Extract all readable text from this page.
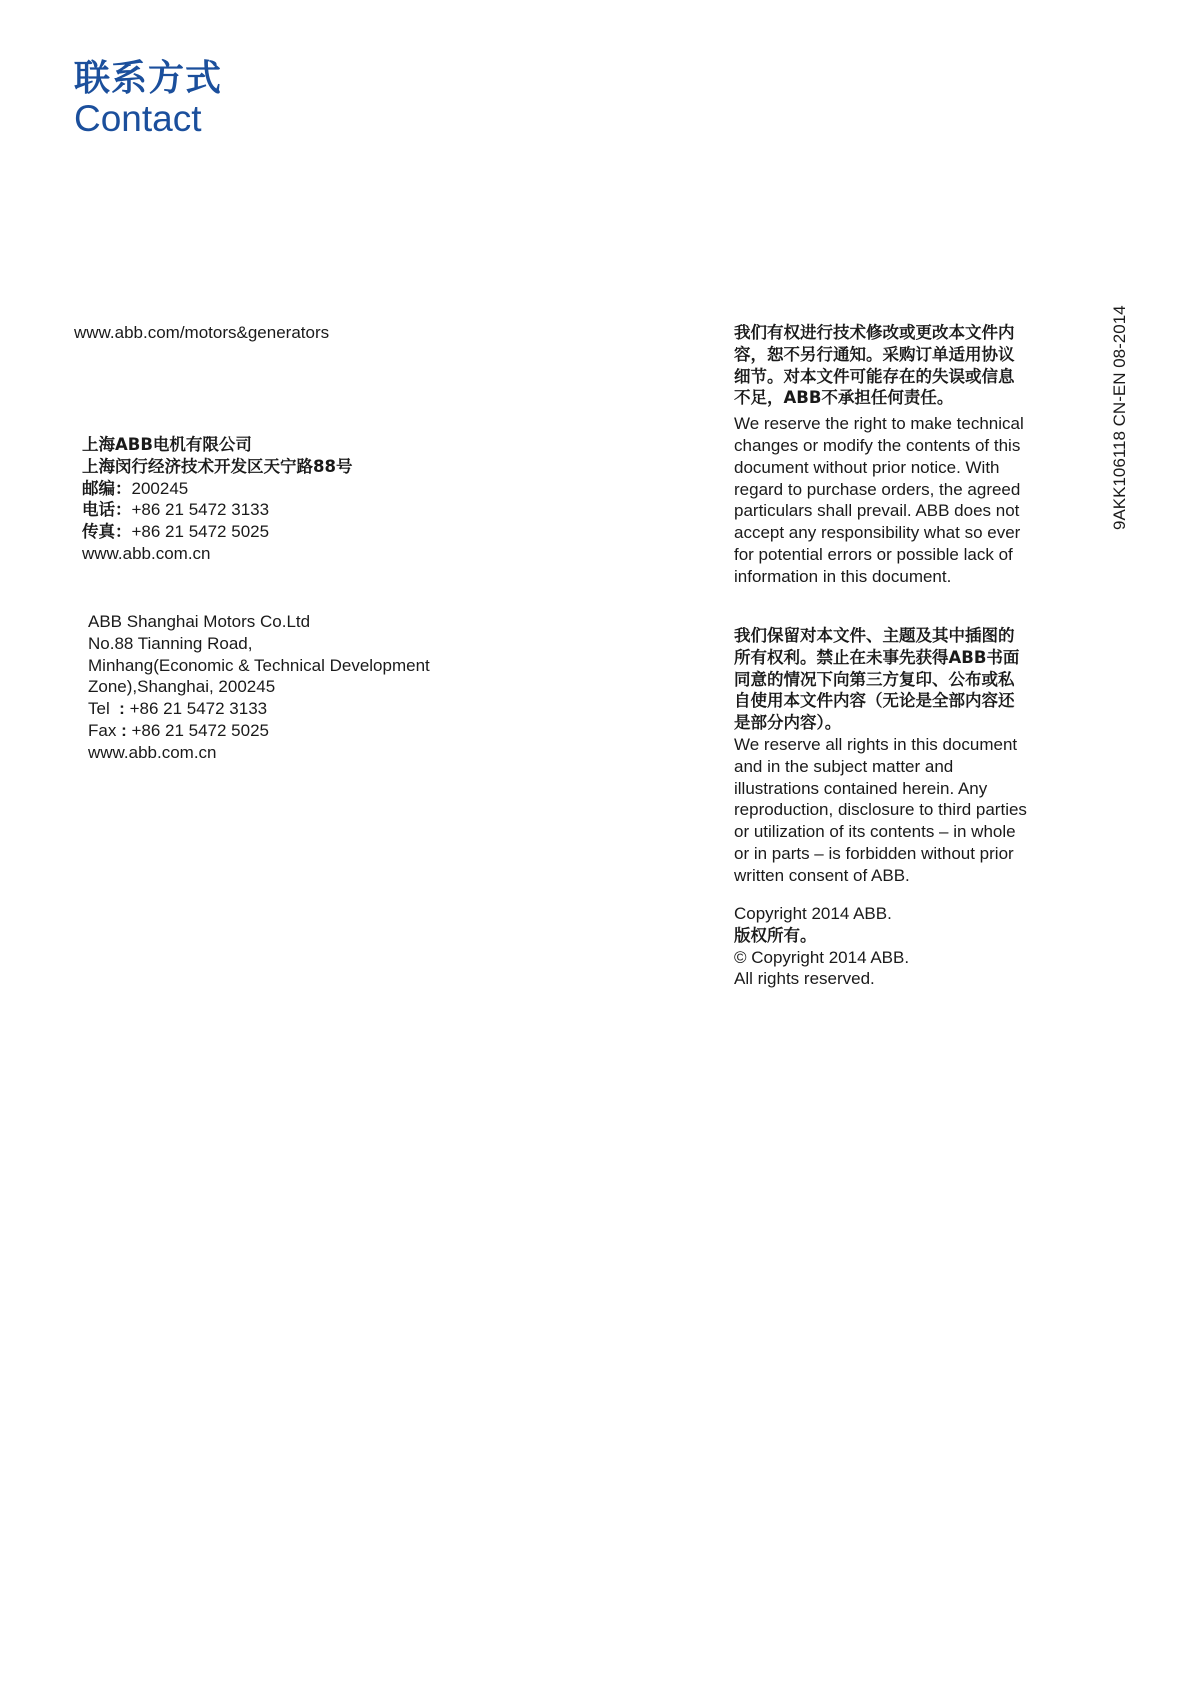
联系方式
Contact
www.abb.com/motors&generators
上海ABB电机有限公司
上海闵行经济技术开发区天宁路88号
邮编：200245
电话：+86 21 5472 3133
传真：+86 21 5472 5025
www.abb.com.cn
ABB Shanghai Motors Co.Ltd
No.88 Tianning Road,
Minhang(Economic & Technical Development
Zone),Shanghai, 200245
Tel  : +86 21 5472 3133
Fax : +86 21 5472 5025
www.abb.com.cn
我们有权进行技术修改或更改本文件内
容，恕不另行通知。采购订单适用协议
细节。对本文件可能存在的失误或信息
不足，ABB不承担任何责任。
We reserve the right to make technical
changes or modify the contents of this
document without prior notice. With
regard to purchase orders, the agreed
particulars shall prevail. ABB does not
accept any responsibility what so ever
for potential errors or possible lack of
information in this document.
我们保留对本文件、主题及其中插图的
所有权利。禁止在未事先获得ABB书面
同意的情况下向第三方复印、公布或私
自使用本文件内容（无论是全部内容还
是部分内容）。
We reserve all rights in this document
and in the subject matter and
illustrations contained herein. Any
reproduction, disclosure to third parties
or utilization of its contents – in whole
or in parts – is forbidden without prior
written consent of ABB.
Copyright 2014 ABB.
版权所有。
© Copyright 2014 ABB.
All rights reserved.
9AKK106118 CN-EN 08-2014
